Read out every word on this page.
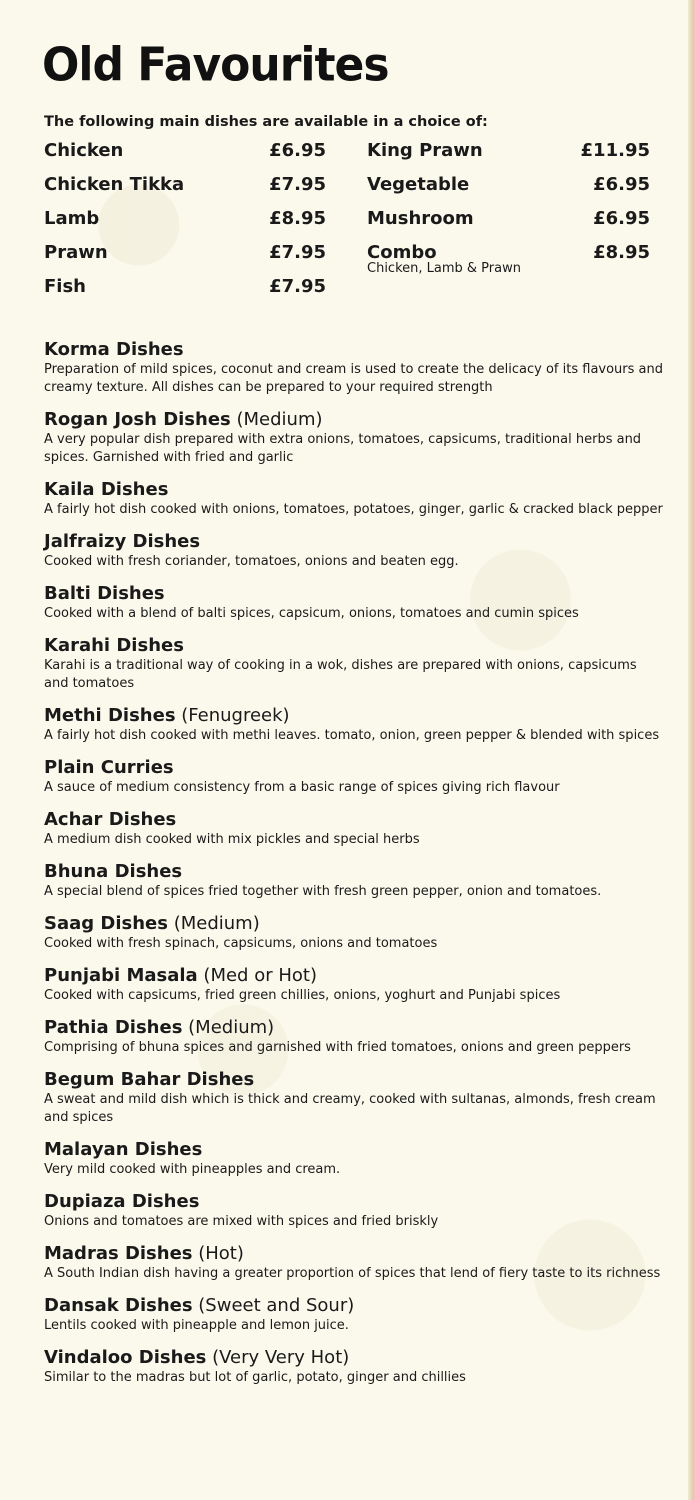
Old Favourites
The following main dishes are available in a choice of:
Chicken	£6.95
Chicken Tikka	£7.95
Lamb	£8.95
Prawn	£7.95
Fish	£7.95
King Prawn	£11.95
Vegetable	£6.95
Mushroom	£6.95
Combo	£8.95
Chicken, Lamb & Prawn
Korma Dishes
Preparation of mild spices, coconut and cream is used to create the delicacy of its flavours and creamy texture. All dishes can be prepared to your required strength
Rogan Josh Dishes (Medium)
A very popular dish prepared with extra onions, tomatoes, capsicums, traditional herbs and spices. Garnished with fried and garlic
Kaila Dishes
A fairly hot dish cooked with onions, tomatoes, potatoes, ginger, garlic & cracked black pepper
Jalfraizy Dishes
Cooked with fresh coriander, tomatoes, onions and beaten egg.
Balti Dishes
Cooked with a blend of balti spices, capsicum, onions, tomatoes and cumin spices
Karahi Dishes
Karahi is a traditional way of cooking in a wok, dishes are prepared with onions, capsicums and tomatoes
Methi Dishes (Fenugreek)
A fairly hot dish cooked with methi leaves. tomato, onion, green pepper & blended with spices
Plain Curries
A sauce of medium consistency from a basic range of spices giving rich flavour
Achar Dishes
A medium dish cooked with mix pickles and special herbs
Bhuna Dishes
A special blend of spices fried together with fresh green pepper, onion and tomatoes.
Saag Dishes (Medium)
Cooked with fresh spinach, capsicums, onions and tomatoes
Punjabi Masala (Med or Hot)
Cooked with capsicums, fried green chillies, onions, yoghurt and Punjabi spices
Pathia Dishes (Medium)
Comprising of bhuna spices and garnished with fried tomatoes, onions and green peppers
Begum Bahar Dishes
A sweat and mild dish which is thick and creamy, cooked with sultanas, almonds, fresh cream and spices
Malayan Dishes
Very mild cooked with pineapples and cream.
Dupiaza Dishes
Onions and tomatoes are mixed with spices and fried briskly
Madras Dishes (Hot)
A South Indian dish having a greater proportion of spices that lend of fiery taste to its richness
Dansak Dishes (Sweet and Sour)
Lentils cooked with pineapple and lemon juice.
Vindaloo Dishes (Very Very Hot)
Similar to the madras but lot of garlic, potato, ginger and chillies
